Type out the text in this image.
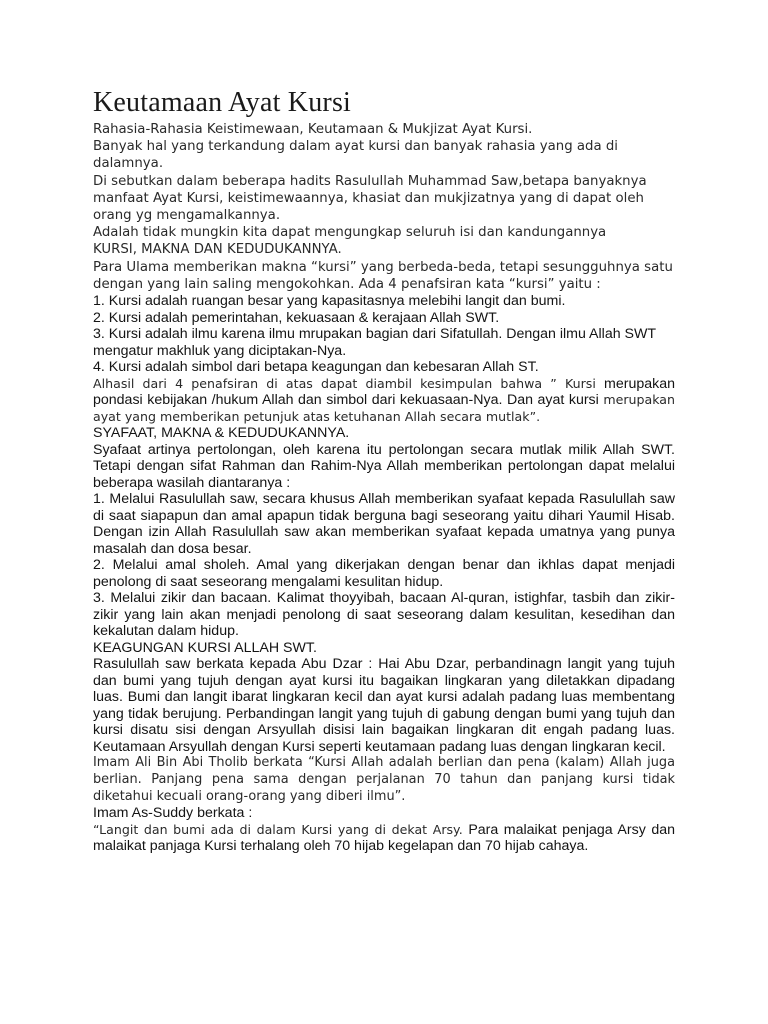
Keutamaan Ayat Kursi

Rahasia-Rahasia Keistimewaan, Keutamaan & Mukjizat Ayat Kursi.

Banyak hal yang terkandung dalam ayat kursi dan banyak rahasia yang ada di dalamnya.

Di sebutkan dalam beberapa hadits Rasulullah Muhammad Saw,betapa banyaknya manfaat Ayat Kursi, keistimewaannya, khasiat dan mukjizatnya yang di dapat oleh orang yg mengamalkannya.

Adalah tidak mungkin kita dapat mengungkap seluruh isi dan kandungannya

KURSI, MAKNA DAN KEDUDUKANNYA.

Para Ulama memberikan makna “kursi” yang berbeda-beda, tetapi sesungguhnya satu dengan yang lain saling mengokohkan. Ada 4 penafsiran kata “kursi” yaitu :

1. Kursi adalah ruangan besar yang kapasitasnya melebihi langit dan bumi.

2. Kursi adalah pemerintahan, kekuasaan & kerajaan Allah SWT.

3. Kursi adalah ilmu karena ilmu mrupakan bagian dari Sifatullah. Dengan ilmu Allah SWT mengatur makhluk yang diciptakan-Nya.

4. Kursi adalah simbol dari betapa keagungan dan kebesaran Allah ST.

Alhasil dari 4 penafsiran di atas dapat diambil kesimpulan bahwa ” Kursi merupakan pondasi kebijakan /hukum Allah dan simbol dari kekuasaan-Nya. Dan ayat kursi merupakan ayat yang memberikan petunjuk atas ketuhanan Allah secara mutlak”.

SYAFAAT, MAKNA & KEDUDUKANNYA.

Syafaat artinya pertolongan, oleh karena itu pertolongan secara mutlak milik Allah SWT. Tetapi dengan sifat Rahman dan Rahim-Nya Allah memberikan pertolongan dapat melalui beberapa wasilah diantaranya :

1. Melalui Rasulullah saw, secara khusus Allah memberikan syafaat kepada Rasulullah saw di saat siapapun dan amal apapun tidak berguna bagi seseorang yaitu dihari Yaumil Hisab. Dengan izin Allah Rasulullah saw akan memberikan syafaat kepada umatnya yang punya masalah dan dosa besar.

2. Melalui amal sholeh. Amal yang dikerjakan dengan benar dan ikhlas dapat menjadi penolong di saat seseorang mengalami kesulitan hidup.

3. Melalui zikir dan bacaan. Kalimat thoyyibah, bacaan Al-quran, istighfar, tasbih dan zikir-zikir yang lain akan menjadi penolong di saat seseorang dalam kesulitan, kesedihan dan kekalutan dalam hidup.

KEAGUNGAN KURSI ALLAH SWT.

Rasulullah saw berkata kepada Abu Dzar : Hai Abu Dzar, perbandinagn langit yang tujuh dan bumi yang tujuh dengan ayat kursi itu bagaikan lingkaran yang diletakkan dipadang luas. Bumi dan langit ibarat lingkaran kecil dan ayat kursi adalah padang luas membentang yang tidak berujung. Perbandingan langit yang tujuh di gabung dengan bumi yang tujuh dan kursi disatu sisi dengan Arsyullah disisi lain bagaikan lingkaran dit engah padang luas. Keutamaan Arsyullah dengan Kursi seperti keutamaan padang luas dengan lingkaran kecil.

Imam Ali Bin Abi Tholib berkata “Kursi Allah adalah berlian dan pena (kalam) Allah juga berlian. Panjang pena sama dengan perjalanan 70 tahun dan panjang kursi tidak diketahui kecuali orang-orang yang diberi ilmu”.

Imam As-Suddy berkata :

“Langit dan bumi ada di dalam Kursi yang di dekat Arsy. Para malaikat penjaga Arsy dan malaikat panjaga Kursi terhalang oleh 70 hijab kegelapan dan 70 hijab cahaya.
